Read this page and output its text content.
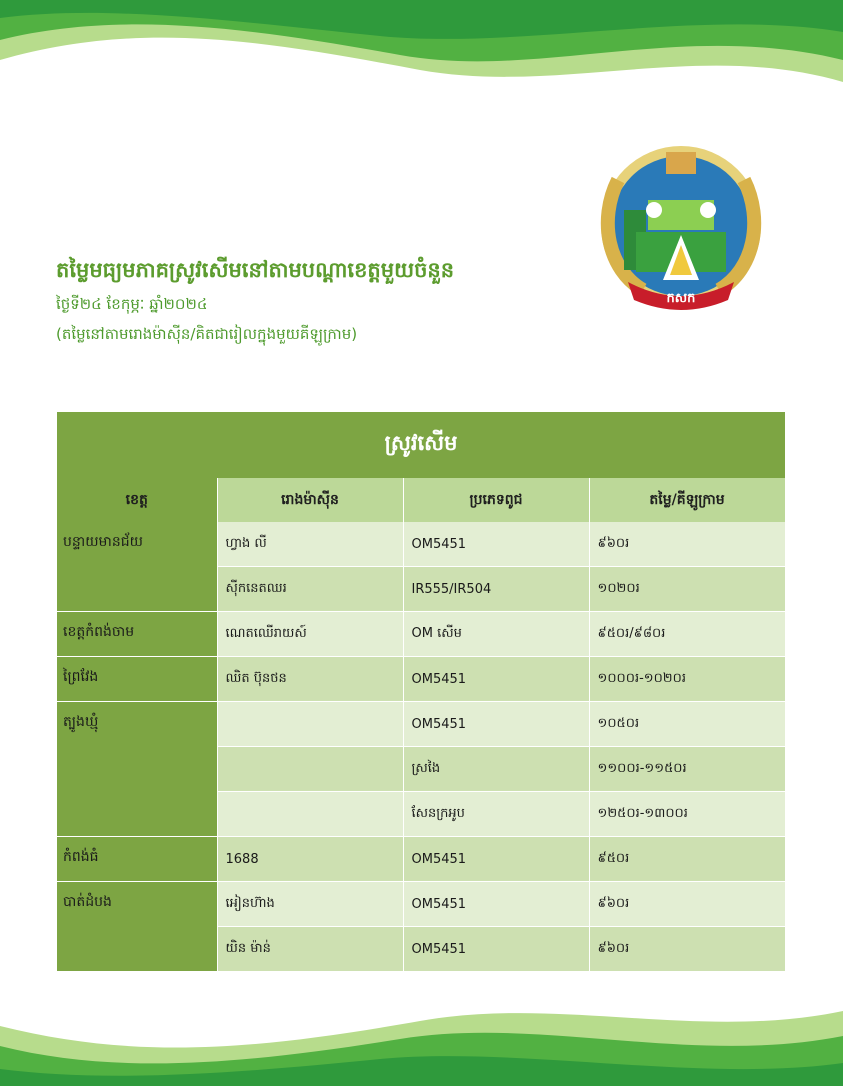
តម្លៃមធ្យមភាគស្រូវសើមនៅតាមបណ្តាខេត្តមួយចំនួន
ថ្ងៃទី២៤ ខែកុម្ភៈ ឆ្នាំ២០២៤
(តម្លៃនៅតាមរោងម៉ាស៊ីន/គិតជារៀលក្នុងមួយគីឡូក្រាម)
កសក
ស្រូវសើម			
ខេត្ត	រោងម៉ាស៊ីន	ប្រភេទពូជ	តម្លៃ/គីឡូក្រាម
បន្ទាយមានជ័យ	ហ្វាង លី	OM5451	៩៦០រ
	ស៊ីកនេតឈរ	IR555/IR504	១០២០រ
ខេត្តកំពង់ចាម	ណេតឈើរាយស៍	OM សើម	៩៥០រ/៩៨០រ
ព្រៃវែង	ឈិត ប៊ុនថន	OM5451	១០០០រ-១០២០រ
ត្បូងឃ្មុំ		OM5451	១០៥០រ
		ស្រងៃ	១១០០រ-១១៥០រ
		សែនក្រអូប	១២៥០រ-១៣០០រ
កំពង់ធំ	1688	OM5451	៩៥០រ
បាត់ដំបង	អៀនហ៊ាង	OM5451	៩៦០រ
	យិន ម៉ាន់	OM5451	៩៦០រ
